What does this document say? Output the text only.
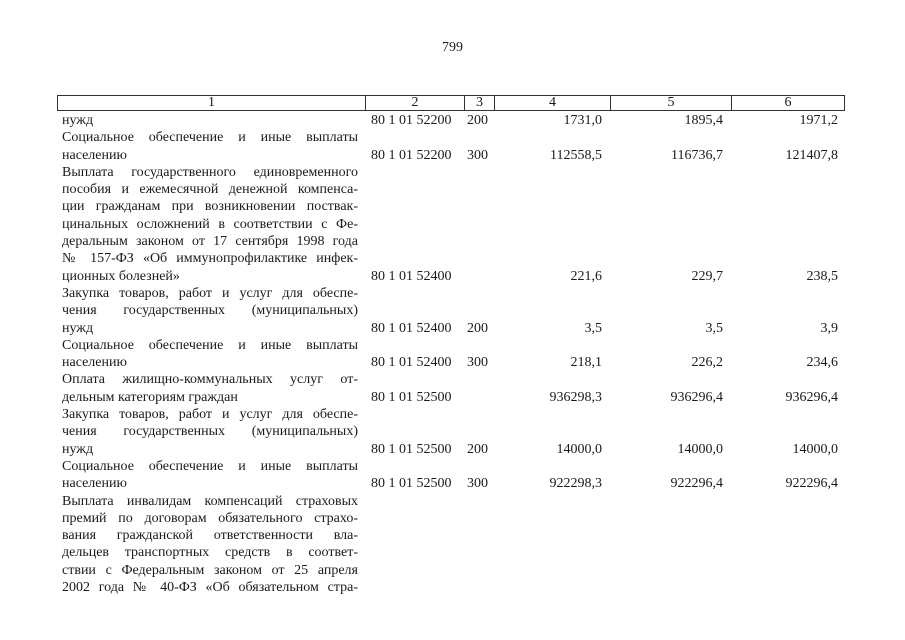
799
1	2	3	4	5	6
нужд	80 1 01 52200 200	1731,0	1895,4	1971,2
Социальное обеспечение и иные выплаты
населению	80 1 01 52200 300	112558,5	116736,7	121407,8
Выплата государственного единовременного
пособия и ежемесячной денежной компенса-
ции гражданам при возникновении поствак-
цинальных осложнений в соответствии с Фе-
деральным законом от 17 сентября 1998 года
№ 157-ФЗ «Об иммунопрофилактике инфек-
ционных болезней»	80 1 01 52400	221,6	229,7	238,5
Закупка товаров, работ и услуг для обеспе-
чения государственных (муниципальных)
нужд	80 1 01 52400 200	3,5	3,5	3,9
Социальное обеспечение и иные выплаты
населению	80 1 01 52400 300	218,1	226,2	234,6
Оплата жилищно-коммунальных услуг от-
дельным категориям граждан	80 1 01 52500	936298,3	936296,4	936296,4
Закупка товаров, работ и услуг для обеспе-
чения государственных (муниципальных)
нужд	80 1 01 52500 200	14000,0	14000,0	14000,0
Социальное обеспечение и иные выплаты
населению	80 1 01 52500 300	922298,3	922296,4	922296,4
Выплата инвалидам компенсаций страховых
премий по договорам обязательного страхо-
вания гражданской ответственности вла-
дельцев транспортных средств в соответ-
ствии с Федеральным законом от 25 апреля
2002 года № 40-ФЗ «Об обязательном стра-
